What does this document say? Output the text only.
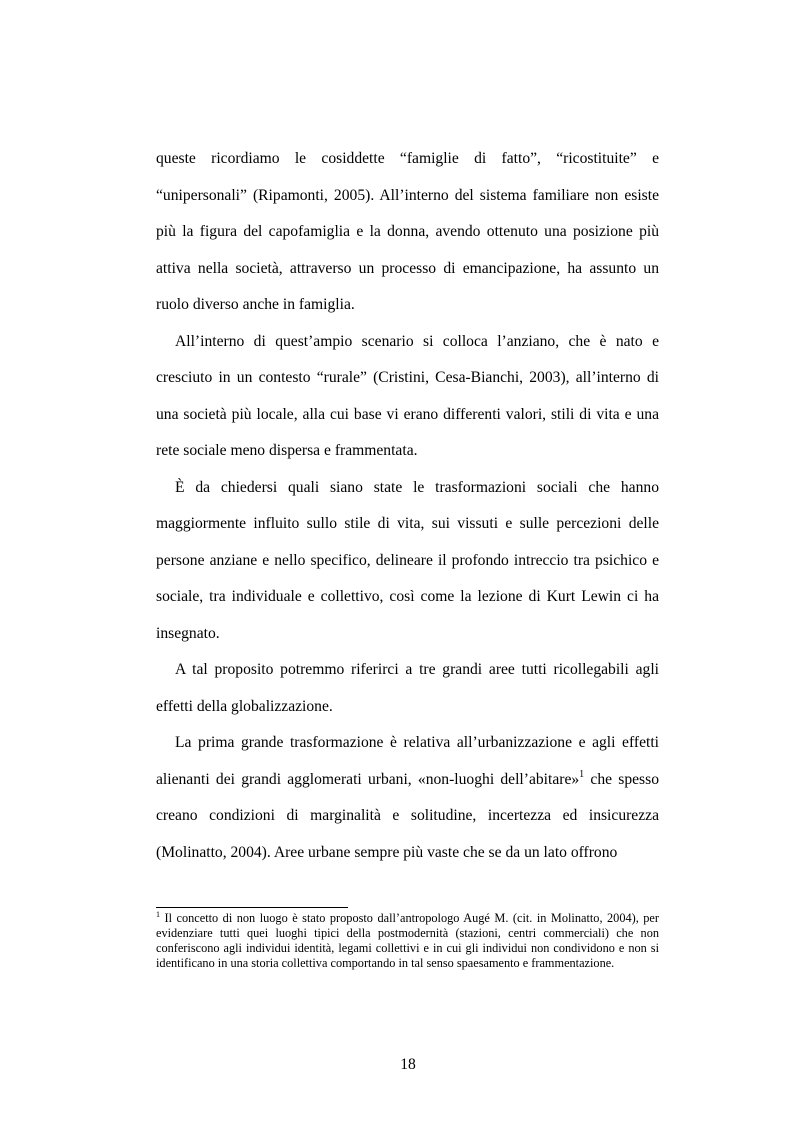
queste ricordiamo le cosiddette “famiglie di fatto”, “ricostituite” e “unipersonali” (Ripamonti, 2005). All’interno del sistema familiare non esiste più la figura del capofamiglia e la donna, avendo ottenuto una posizione più attiva nella società, attraverso un processo di emancipazione, ha assunto un ruolo diverso anche in famiglia.

All’interno di quest’ampio scenario si colloca l’anziano, che è nato e cresciuto in un contesto “rurale” (Cristini, Cesa-Bianchi, 2003), all’interno di una società più locale, alla cui base vi erano differenti valori, stili di vita e una rete sociale meno dispersa e frammentata.

È da chiedersi quali siano state le trasformazioni sociali che hanno maggiormente influito sullo stile di vita, sui vissuti e sulle percezioni delle persone anziane e nello specifico, delineare il profondo intreccio tra psichico e sociale, tra individuale e collettivo, così come la lezione di Kurt Lewin ci ha insegnato.

A tal proposito potremmo riferirci a tre grandi aree tutti ricollegabili agli effetti della globalizzazione.

La prima grande trasformazione è relativa all’urbanizzazione e agli effetti alienanti dei grandi agglomerati urbani, «non-luoghi dell’abitare»$^1$ che spesso creano condizioni di marginalità e solitudine, incertezza ed insicurezza (Molinatto, 2004). Aree urbane sempre più vaste che se da un lato offrono

$^1$ Il concetto di non luogo è stato proposto dall’antropologo Augé M. (cit. in Molinatto, 2004), per evidenziare tutti quei luoghi tipici della postmodernità (stazioni, centri commerciali) che non conferiscono agli individui identità, legami collettivi e in cui gli individui non condividono e non si identificano in una storia collettiva comportando in tal senso spaesamento e frammentazione.

18
